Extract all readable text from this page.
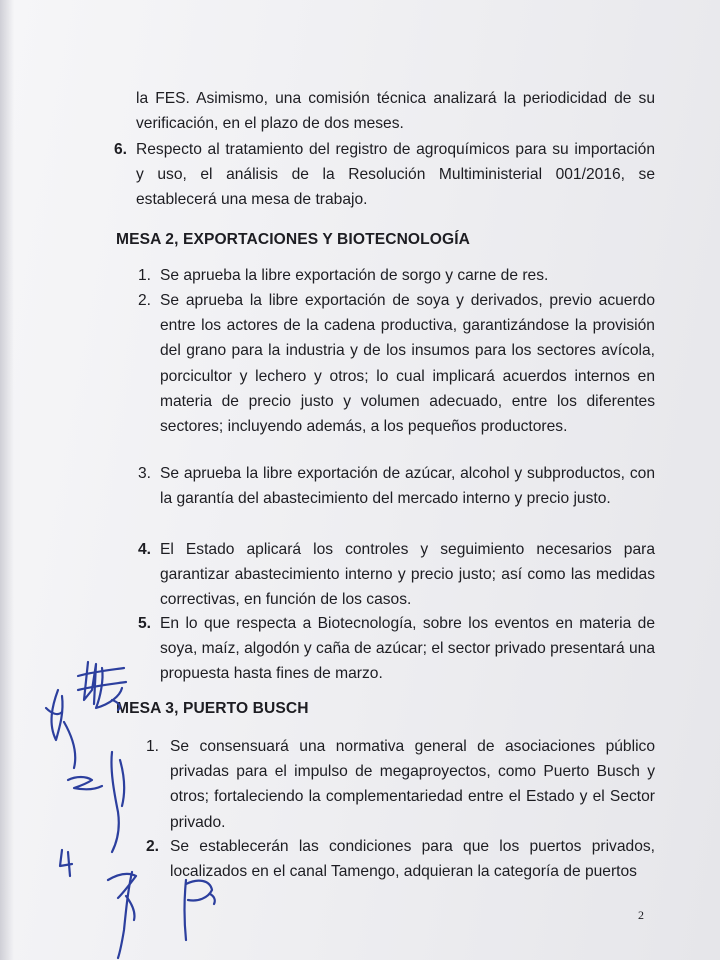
la FES. Asimismo, una comisión técnica analizará la periodicidad de su verificación, en el plazo de dos meses.
6. Respecto al tratamiento del registro de agroquímicos para su importación y uso, el análisis de la Resolución Multiministerial 001/2016, se establecerá una mesa de trabajo.
MESA 2, EXPORTACIONES Y BIOTECNOLOGÍA
1. Se aprueba la libre exportación de sorgo y carne de res.
2. Se aprueba la libre exportación de soya y derivados, previo acuerdo entre los actores de la cadena productiva, garantizándose la provisión del grano para la industria y de los insumos para los sectores avícola, porcicultor y lechero y otros; lo cual implicará acuerdos internos en materia de precio justo y volumen adecuado, entre los diferentes sectores; incluyendo además, a los pequeños productores.
3. Se aprueba la libre exportación de azúcar, alcohol y subproductos, con la garantía del abastecimiento del mercado interno y precio justo.
4. El Estado aplicará los controles y seguimiento necesarios para garantizar abastecimiento interno y precio justo; así como las medidas correctivas, en función de los casos.
5. En lo que respecta a Biotecnología, sobre los eventos en materia de soya, maíz, algodón y caña de azúcar; el sector privado presentará una propuesta hasta fines de marzo.
MESA 3, PUERTO BUSCH
1. Se consensuará una normativa general de asociaciones público privadas para el impulso de megaproyectos, como Puerto Busch y otros; fortaleciendo la complementariedad entre el Estado y el Sector privado.
2. Se establecerán las condiciones para que los puertos privados, localizados en el canal Tamengo, adquieran la categoría de puertos
2
